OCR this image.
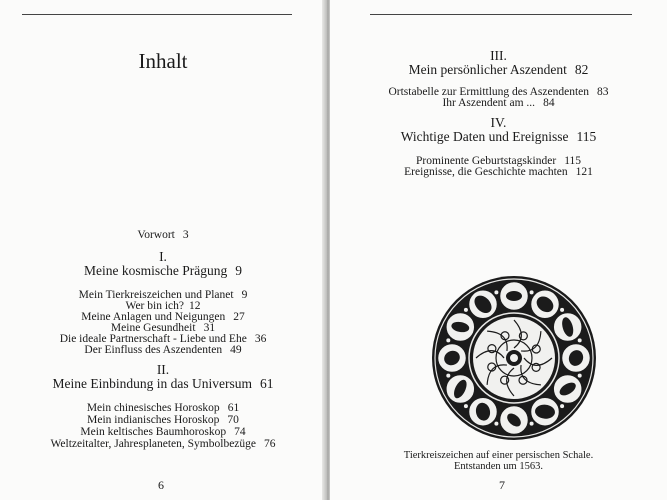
Inhalt
Vorwort 3
I.
Meine kosmische Prägung 9
Mein Tierkreiszeichen und Planet 9
Wer bin ich? 12
Meine Anlagen und Neigungen 27
Meine Gesundheit 31
Die ideale Partnerschaft - Liebe und Ehe 36
Der Einfluss des Aszendenten 49
II.
Meine Einbindung in das Universum 61
Mein chinesisches Horoskop 61
Mein indianisches Horoskop 70
Mein keltisches Baumhoroskop 74
Weltzeitalter, Jahresplaneten, Symbolbezüge 76
6
III.
Mein persönlicher Aszendent 82
Ortstabelle zur Ermittlung des Aszendenten 83
Ihr Aszendent am ... 84
IV.
Wichtige Daten und Ereignisse 115
Prominente Geburtstagskinder 115
Ereignisse, die Geschichte machten 121
Tierkreiszeichen auf einer persischen Schale.
Entstanden um 1563.
7
